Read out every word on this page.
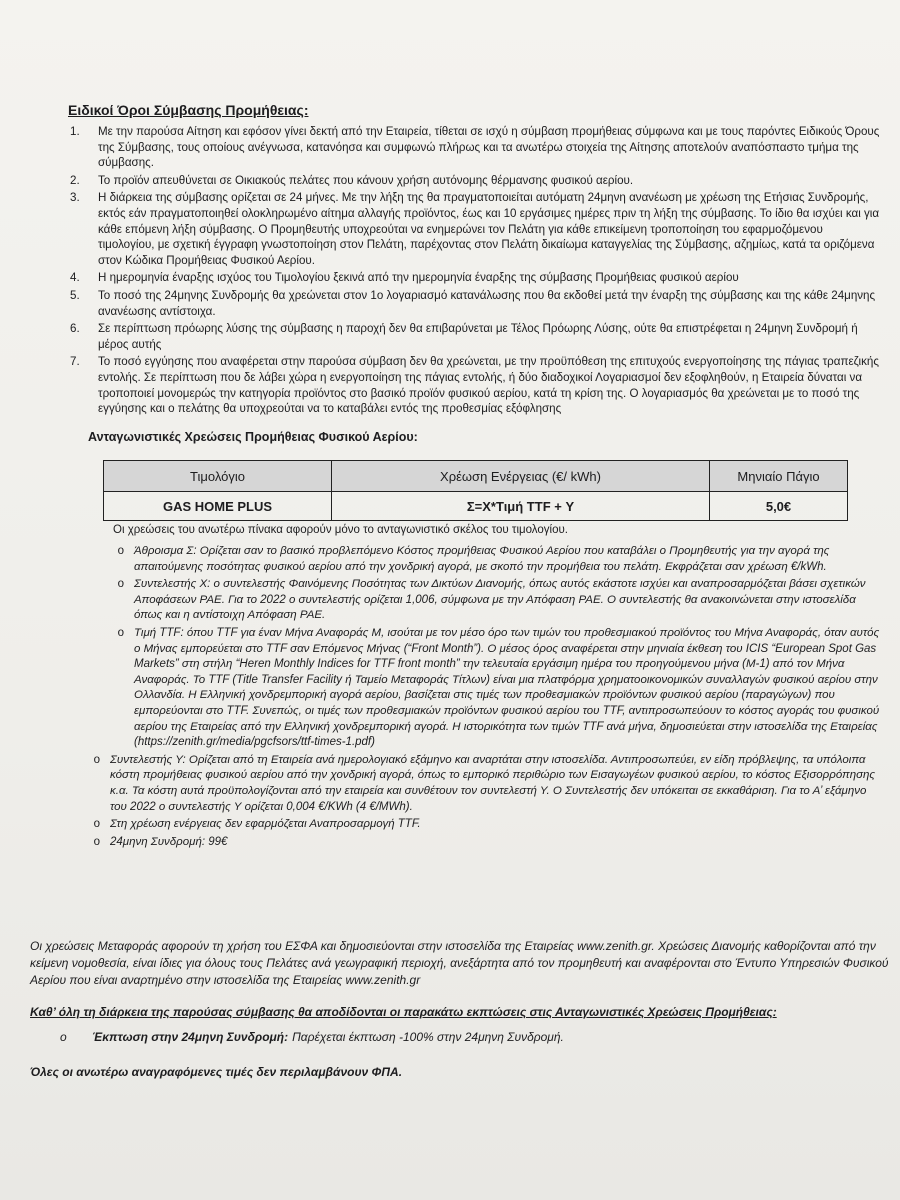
Ειδικοί Όροι Σύμβασης Προμήθειας:
1.	Με την παρούσα Αίτηση και εφόσον γίνει δεκτή από την Εταιρεία, τίθεται σε ισχύ η σύμβαση προμήθειας σύμφωνα και με τους παρόντες Ειδικούς Όρους της Σύμβασης, τους οποίους ανέγνωσα, κατανόησα και συμφωνώ πλήρως και τα ανωτέρω στοιχεία της Αίτησης αποτελούν αναπόσπαστο τμήμα της σύμβασης.
2.	Το προϊόν απευθύνεται σε Οικιακούς πελάτες που κάνουν χρήση αυτόνομης θέρμανσης φυσικού αερίου.
3.	Η διάρκεια της σύμβασης ορίζεται σε 24 μήνες. Με την λήξη της θα πραγματοποιείται αυτόματη 24μηνη ανανέωση με χρέωση της Ετήσιας Συνδρομής, εκτός εάν πραγματοποιηθεί ολοκληρωμένο αίτημα αλλαγής προϊόντος, έως και 10 εργάσιμες ημέρες πριν τη λήξη της σύμβασης. Το ίδιο θα ισχύει και για κάθε επόμενη λήξη σύμβασης. Ο Προμηθευτής υποχρεούται να ενημερώνει τον Πελάτη για κάθε επικείμενη τροποποίηση του εφαρμοζόμενου τιμολογίου, με σχετική έγγραφη γνωστοποίηση στον Πελάτη, παρέχοντας στον Πελάτη δικαίωμα καταγγελίας της Σύμβασης, αζημίως, κατά τα οριζόμενα στον Κώδικα Προμήθειας Φυσικού Αερίου.
4.	Η ημερομηνία έναρξης ισχύος του Τιμολογίου ξεκινά από την ημερομηνία έναρξης της σύμβασης Προμήθειας φυσικού αερίου
5.	Το ποσό της 24μηνης Συνδρομής θα χρεώνεται στον 1ο λογαριασμό κατανάλωσης που θα εκδοθεί μετά την έναρξη της σύμβασης και της κάθε 24μηνης ανανέωσης αντίστοιχα.
6.	Σε περίπτωση πρόωρης λύσης της σύμβασης η παροχή δεν θα επιβαρύνεται με Τέλος Πρόωρης Λύσης, ούτε θα επιστρέφεται η 24μηνη Συνδρομή ή μέρος αυτής
7.	Το ποσό εγγύησης που αναφέρεται στην παρούσα σύμβαση δεν θα χρεώνεται, με την προϋπόθεση της επιτυχούς ενεργοποίησης της πάγιας τραπεζικής εντολής. Σε περίπτωση που δε λάβει χώρα η ενεργοποίηση της πάγιας εντολής, ή δύο διαδοχικοί Λογαριασμοί δεν εξοφληθούν, η Εταιρεία δύναται να τροποποιεί μονομερώς την κατηγορία προϊόντος στο βασικό προϊόν φυσικού αερίου, κατά τη κρίση της. Ο λογαριασμός θα χρεώνεται με το ποσό της εγγύησης και ο πελάτης θα υποχρεούται να το καταβάλει εντός της προθεσμίας εξόφλησης
Ανταγωνιστικές Χρεώσεις Προμήθειας Φυσικού Αερίου:
Τιμολόγιο	Χρέωση Ενέργειας (€/ kWh)	Μηνιαίο Πάγιο
GAS HOME PLUS	Σ=Χ*Τιμή TTF + Υ	5,0€
Οι χρεώσεις του ανωτέρω πίνακα αφορούν μόνο το ανταγωνιστικό σκέλος του τιμολογίου.
o Άθροισμα Σ: Ορίζεται σαν το βασικό προβλεπόμενο Κόστος προμήθειας Φυσικού Αερίου που καταβάλει ο Προμηθευτής για την αγορά της απαιτούμενης ποσότητας φυσικού αερίου από την χονδρική αγορά, με σκοπό την προμήθεια του πελάτη. Εκφράζεται σαν χρέωση €/kWh.
o Συντελεστής Χ: ο συντελεστής Φαινόμενης Ποσότητας των Δικτύων Διανομής, όπως αυτός εκάστοτε ισχύει και αναπροσαρμόζεται βάσει σχετικών Αποφάσεων ΡΑΕ. Για το 2022 ο συντελεστής ορίζεται 1,006, σύμφωνα με την Απόφαση ΡΑΕ. Ο συντελεστής θα ανακοινώνεται στην ιστοσελίδα όπως και η αντίστοιχη Απόφαση ΡΑΕ.
o Τιμή TTF: όπου TTF για έναν Μήνα Αναφοράς Μ, ισούται με τον μέσο όρο των τιμών του προθεσμιακού προϊόντος του Μήνα Αναφοράς, όταν αυτός ο Μήνας εμπορεύεται στο TTF σαν Επόμενος Μήνας (“Front Month”). Ο μέσος όρος αναφέρεται στην μηνιαία έκθεση του ICIS “European Spot Gas Markets” στη στήλη “Heren Monthly Indices for TTF front month” την τελευταία εργάσιμη ημέρα του προηγούμενου μήνα (Μ-1) από τον Μήνα Αναφοράς. Το TTF (Title Transfer Facility ή Ταμείο Μεταφοράς Τίτλων) είναι μια πλατφόρμα χρηματοοικονομικών συναλλαγών φυσικού αερίου στην Ολλανδία. Η Ελληνική χονδρεμπορική αγορά αερίου, βασίζεται στις τιμές των προθεσμιακών προϊόντων φυσικού αερίου (παραγώγων) που εμπορεύονται στο TTF. Συνεπώς, οι τιμές των προθεσμιακών προϊόντων φυσικού αερίου του TTF, αντιπροσωπεύουν το κόστος αγοράς του φυσικού αερίου της Εταιρείας από την Ελληνική χονδρεμπορική αγορά. Η ιστορικότητα των τιμών TTF ανά μήνα, δημοσιεύεται στην ιστοσελίδα της Εταιρείας (https://zenith.gr/media/pgcfsors/ttf-times-1.pdf)
o Συντελεστής Υ: Ορίζεται από τη Εταιρεία ανά ημερολογιακό εξάμηνο και αναρτάται στην ιστοσελίδα. Αντιπροσωπεύει, εν είδη πρόβλεψης, τα υπόλοιπα κόστη προμήθειας φυσικού αερίου από την χονδρική αγορά, όπως το εμπορικό περιθώριο των Εισαγωγέων φυσικού αερίου, το κόστος Εξισορρόπησης κ.α. Τα κόστη αυτά προϋπολογίζονται από την εταιρεία και συνθέτουν τον συντελεστή Υ. Ο Συντελεστής δεν υπόκειται σε εκκαθάριση. Για το Α’ εξάμηνο του 2022 ο συντελεστής Υ ορίζεται 0,004 €/KWh (4 €/MWh).
o Στη χρέωση ενέργειας δεν εφαρμόζεται Αναπροσαρμογή TTF.
o 24μηνη Συνδρομή: 99€
Οι χρεώσεις Μεταφοράς αφορούν τη χρήση του ΕΣΦΑ και δημοσιεύονται στην ιστοσελίδα της Εταιρείας www.zenith.gr. Χρεώσεις Διανομής καθορίζονται από την κείμενη νομοθεσία, είναι ίδιες για όλους τους Πελάτες ανά γεωγραφική περιοχή, ανεξάρτητα από τον προμηθευτή και αναφέρονται στο Έντυπο Υπηρεσιών Φυσικού Αερίου που είναι αναρτημένο στην ιστοσελίδα της Εταιρείας www.zenith.gr
Καθ’ όλη τη διάρκεια της παρούσας σύμβασης θα αποδίδονται οι παρακάτω εκπτώσεις στις Ανταγωνιστικές Χρεώσεις Προμήθειας:
o	Έκπτωση στην 24μηνη Συνδρομή: Παρέχεται έκπτωση -100% στην 24μηνη Συνδρομή.
Όλες οι ανωτέρω αναγραφόμενες τιμές δεν περιλαμβάνουν ΦΠΑ.
